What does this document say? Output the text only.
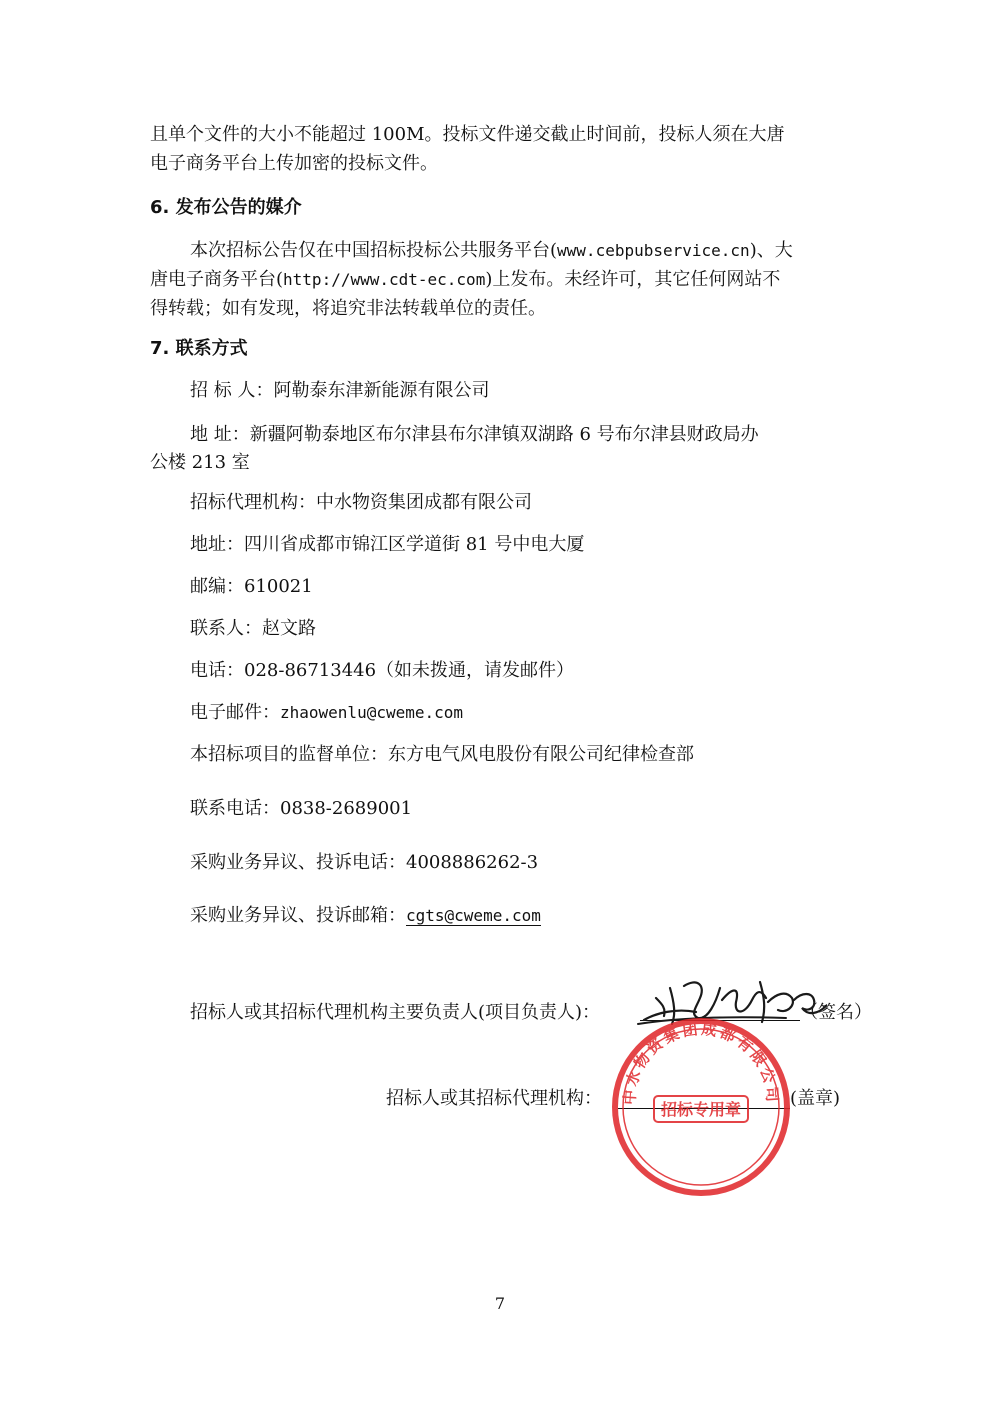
且单个文件的大小不能超过 100M。投标文件递交截止时间前，投标人须在大唐
电子商务平台上传加密的投标文件。
6. 发布公告的媒介
本次招标公告仅在中国招标投标公共服务平台(www.cebpubservice.cn)、大
唐电子商务平台(http://www.cdt-ec.com)上发布。未经许可，其它任何网站不
得转载；如有发现，将追究非法转载单位的责任。
7. 联系方式
招 标 人：阿勒泰东津新能源有限公司
地 址：新疆阿勒泰地区布尔津县布尔津镇双湖路 6 号布尔津县财政局办
公楼 213 室
招标代理机构：中水物资集团成都有限公司
地址：四川省成都市锦江区学道街 81 号中电大厦
邮编：610021
联系人：赵文路
电话：028-86713446（如未拨通，请发邮件）
电子邮件：zhaowenlu@cweme.com
本招标项目的监督单位：东方电气风电股份有限公司纪律检查部
联系电话：0838-2689001
采购业务异议、投诉电话：4008886262-3
采购业务异议、投诉邮箱：cgts@cweme.com
招标人或其招标代理机构主要负责人(项目负责人)：	（签名）
招标人或其招标代理机构：	(盖章)
中水物资集团成都有限公司
招标专用章
7
